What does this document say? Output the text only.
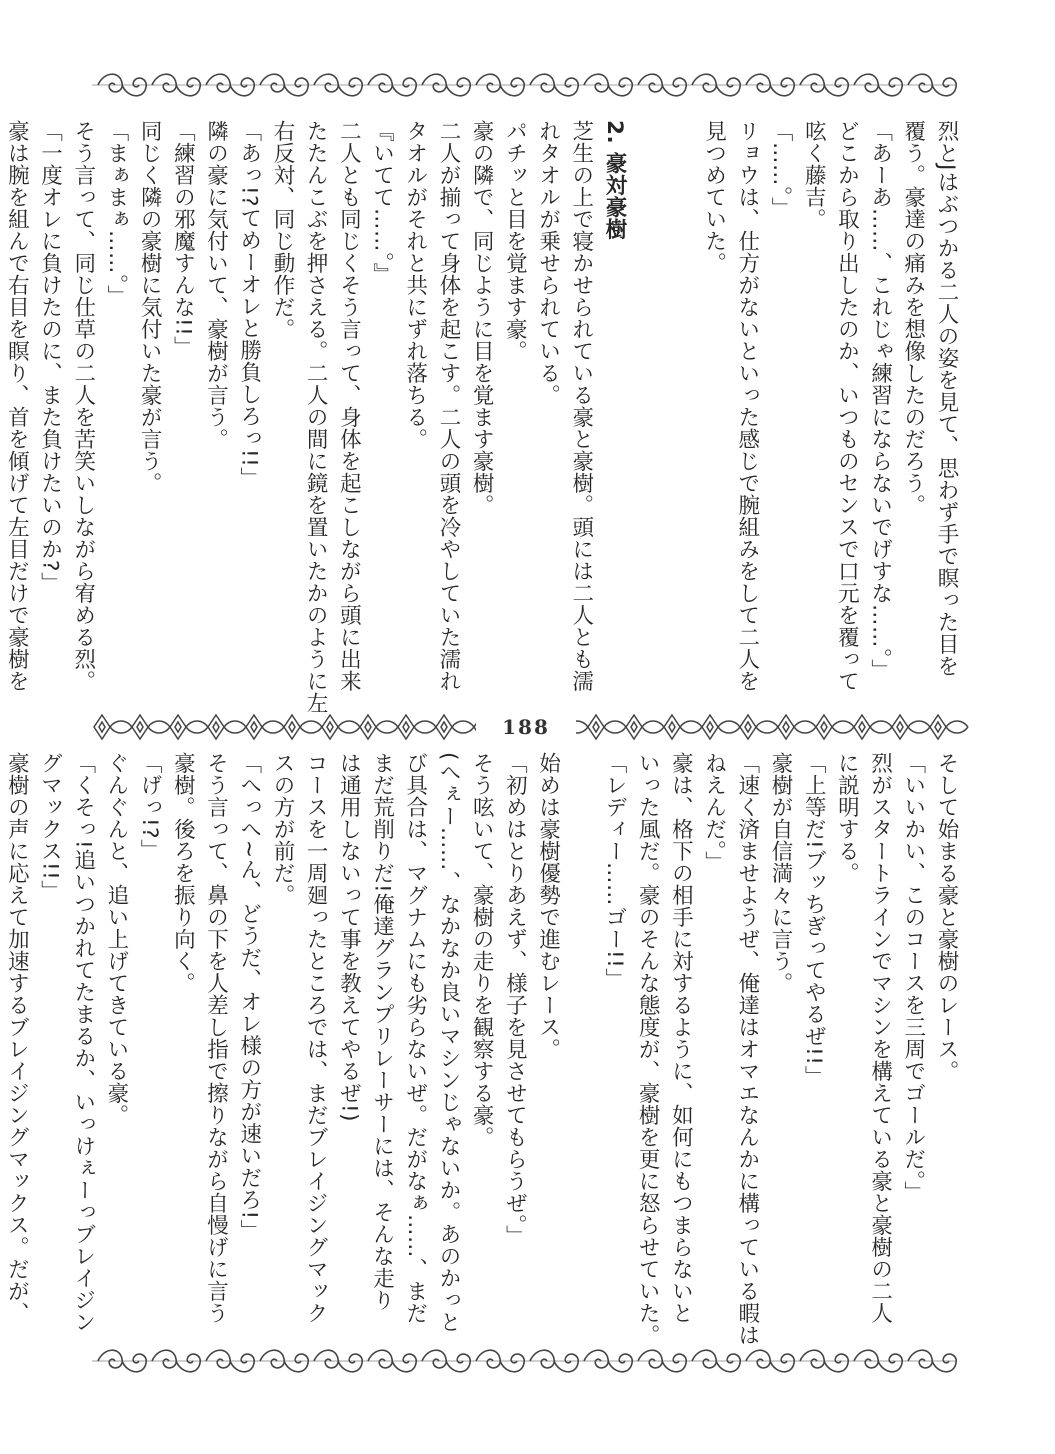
188
烈とJはぶつかる二人の姿を見て、思わず手で瞑った目を
覆う。豪達の痛みを想像したのだろう。
「あーあ……、これじゃ練習にならないでげすな……。」
どこから取り出したのか、いつものセンスで口元を覆って
呟く藤吉。
「……。」
リョウは、仕方がないといった感じで腕組みをして二人を
見つめていた。

2. 豪対豪樹
芝生の上で寝かせられている豪と豪樹。頭には二人とも濡
れタオルが乗せられている。
パチッと目を覚ます豪。
豪の隣で、同じように目を覚ます豪樹。
二人が揃って身体を起こす。二人の頭を冷やしていた濡れ
タオルがそれと共にずれ落ちる。
『いてて……。』
二人とも同じくそう言って、身体を起こしながら頭に出来
たたんこぶを押さえる。二人の間に鏡を置いたかのように左
右反対、同じ動作だ。
「あっ!?てめーオレと勝負しろっ!!」
隣の豪に気付いて、豪樹が言う。
「練習の邪魔すんな!!」
同じく隣の豪樹に気付いた豪が言う。
「まぁまぁ……。」
そう言って、同じ仕草の二人を苦笑いしながら宥める烈。
「一度オレに負けたのに、また負けたいのか?」
豪は腕を組んで右目を瞑り、首を傾げて左目だけで豪樹を
そして始まる豪と豪樹のレース。
「いいかい、このコースを三周でゴールだ。」
烈がスタートラインでマシンを構えている豪と豪樹の二人
に説明する。
「上等だ!ブッちぎってやるぜ!!」
豪樹が自信満々に言う。
「速く済ませようぜ、俺達はオマエなんかに構っている暇は
ねえんだ。」
豪は、格下の相手に対するように、如何にもつまらないと
いった風だ。豪のそんな態度が、豪樹を更に怒らせていた。
「レディー……ゴー!!」

始めは豪樹優勢で進むレース。
「初めはとりあえず、様子を見させてもらうぜ。」
そう呟いて、豪樹の走りを観察する豪。
(へぇー……、なかなか良いマシンじゃないか。あのかっと
び具合は、マグナムにも劣らないぜ。だがなぁ……、まだ
まだ荒削りだ!俺達グランプリレーサーには、そんな走り
は通用しないって事を教えてやるぜ!)
コースを一周廻ったところでは、まだブレイジングマック
スの方が前だ。
「へっへ~ん、どうだ、オレ様の方が速いだろ!」
そう言って、鼻の下を人差し指で擦りながら自慢げに言う
豪樹。後ろを振り向く。
「げっ!?」
ぐんぐんと、追い上げてきている豪。
「くそっ!追いつかれてたまるか、いっけぇーっブレイジン
グマックス!!」
豪樹の声に応えて加速するブレイジングマックス。だが、
